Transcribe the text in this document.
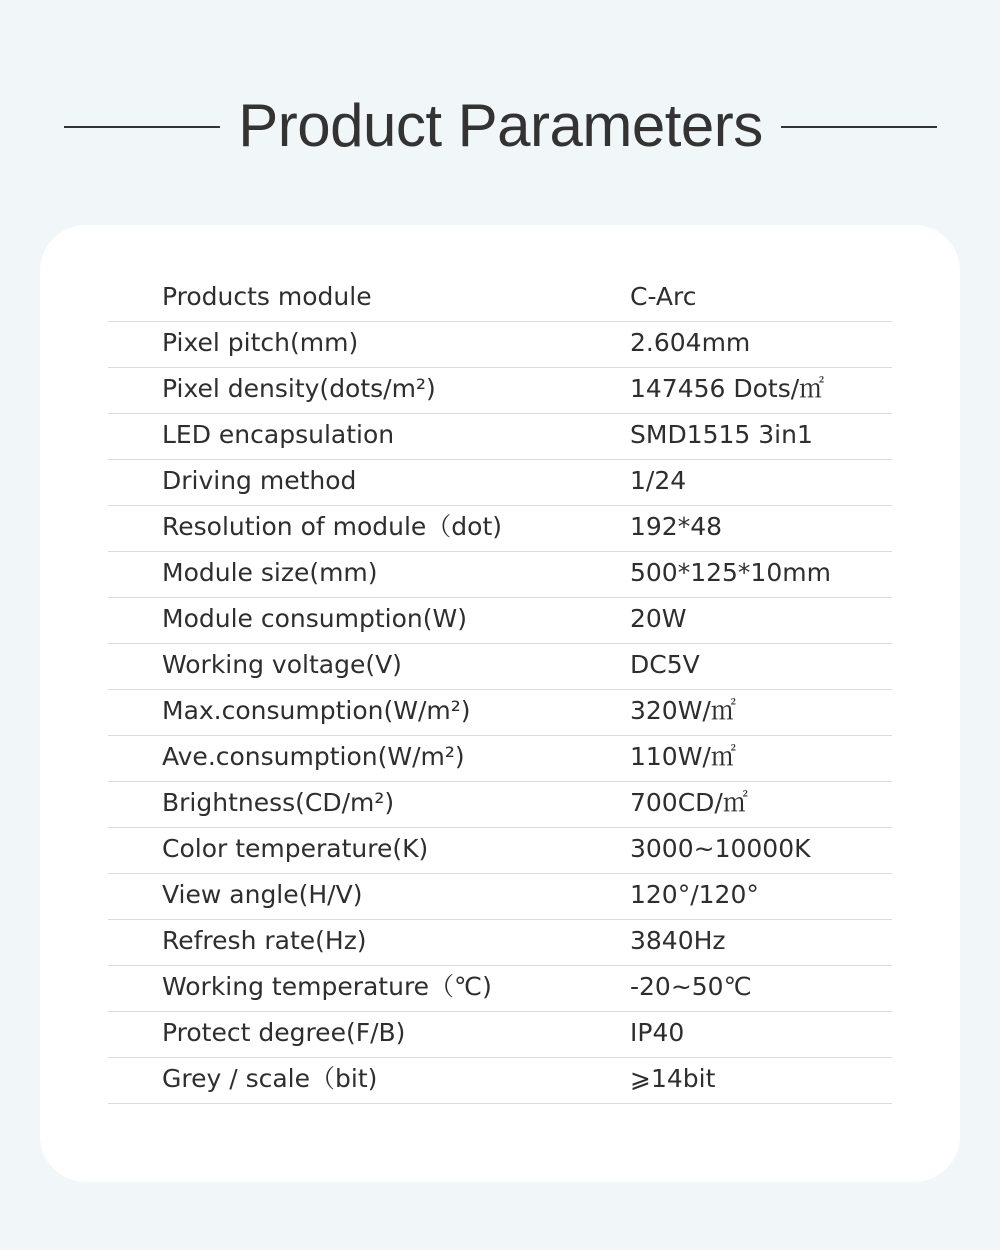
Product Parameters
Products module	C-Arc
Pixel pitch(mm)	2.604mm
Pixel density(dots/m²)	147456 Dots/㎡
LED encapsulation	SMD1515 3in1
Driving method	1/24
Resolution of module（dot)	192*48
Module size(mm)	500*125*10mm
Module consumption(W)	20W
Working voltage(V)	DC5V
Max.consumption(W/m²)	320W/㎡
Ave.consumption(W/m²)	110W/㎡
Brightness(CD/m²)	700CD/㎡
Color temperature(K)	3000~10000K
View angle(H/V)	120°/120°
Refresh rate(Hz)	3840Hz
Working temperature（℃)	-20~50℃
Protect degree(F/B)	IP40
Grey / scale（bit)	⩾14bit
